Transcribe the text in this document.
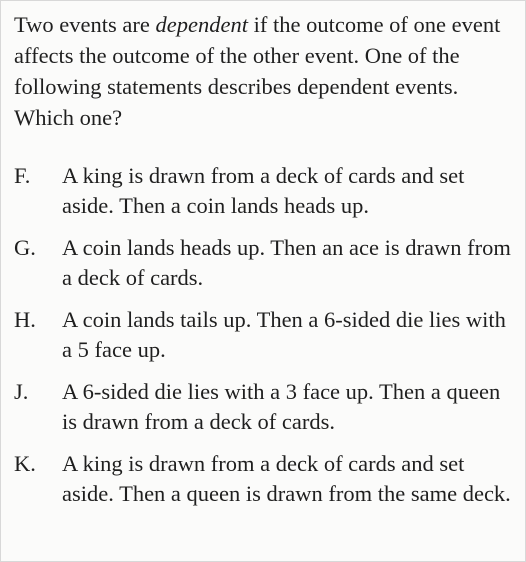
Two events are dependent if the outcome of one event affects the outcome of the other event. One of the following statements describes dependent events. Which one?

F.	A king is drawn from a deck of cards and set aside. Then a coin lands heads up.
G.	A coin lands heads up. Then an ace is drawn from a deck of cards.
H.	A coin lands tails up. Then a 6-sided die lies with a 5 face up.
J.	A 6-sided die lies with a 3 face up. Then a queen is drawn from a deck of cards.
K.	A king is drawn from a deck of cards and set aside. Then a queen is drawn from the same deck.
